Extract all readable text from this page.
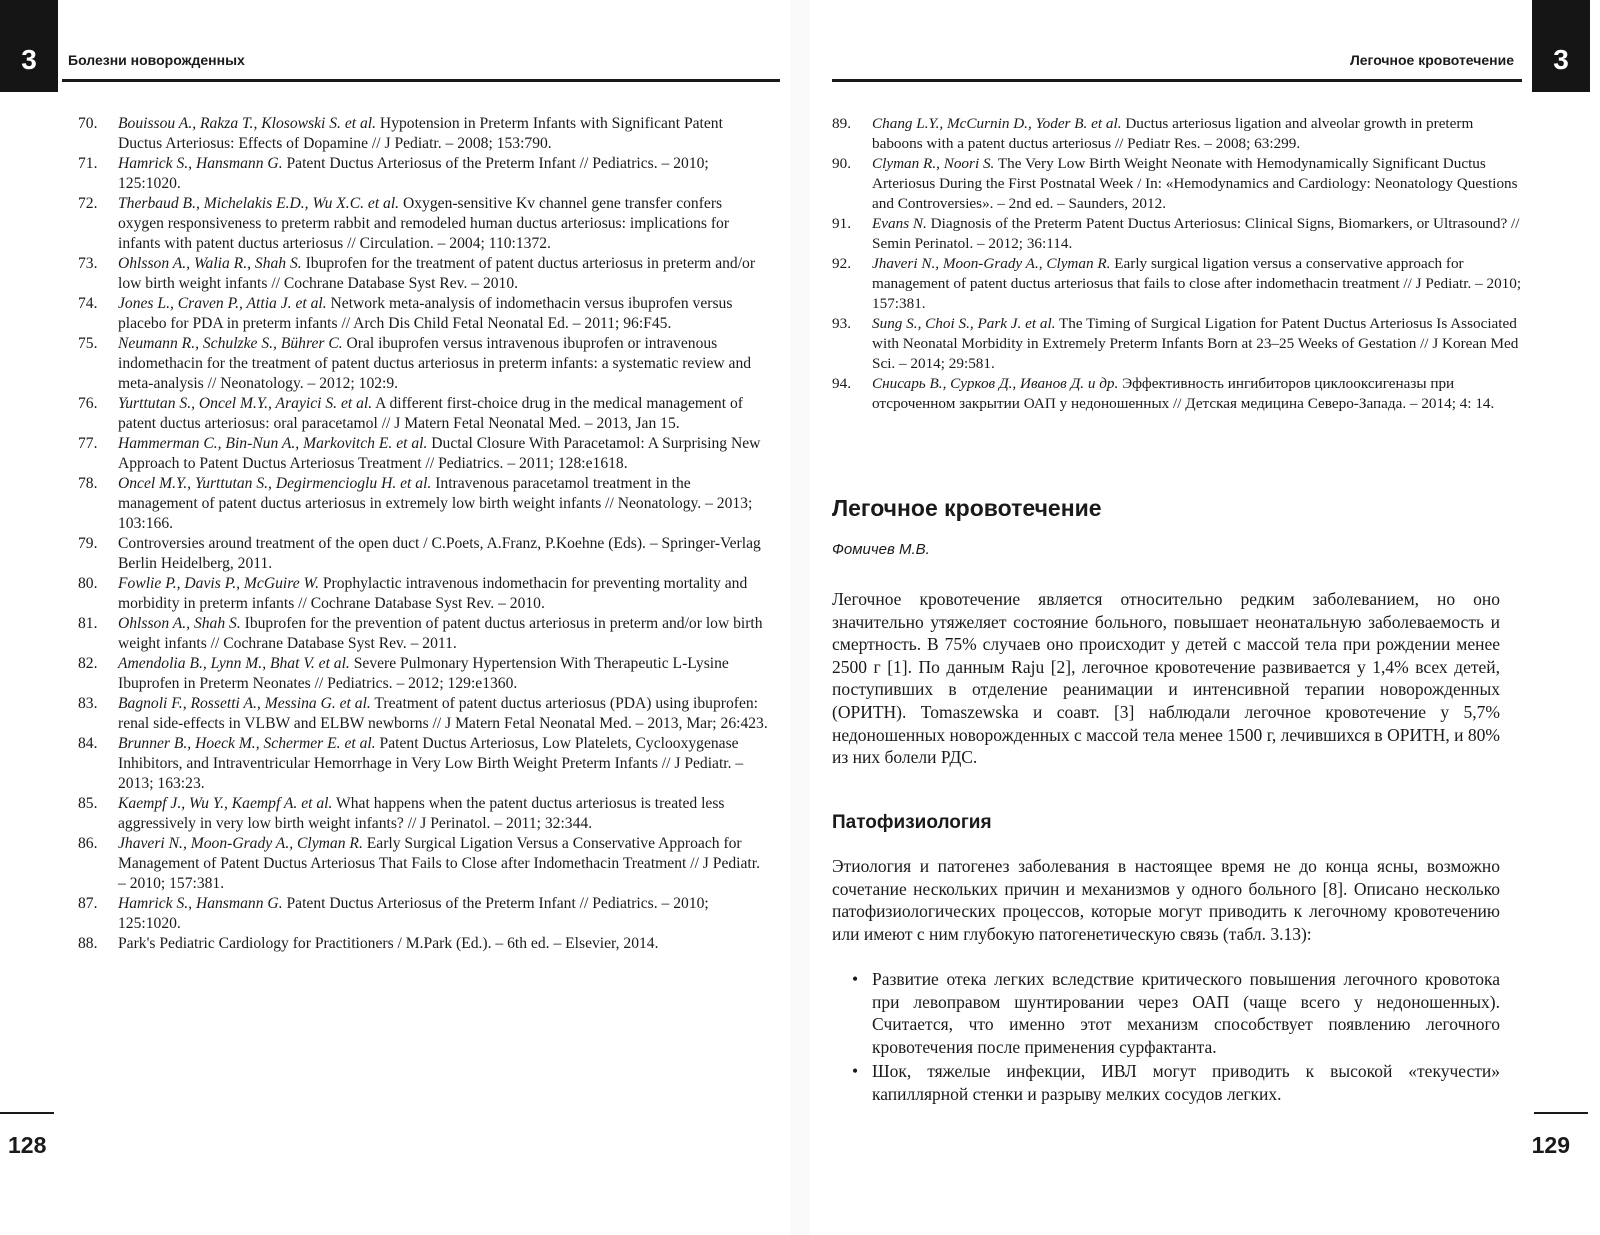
3	Болезни новорожденных
70. Bouissou A., Rakza T., Klosowski S. et al. Hypotension in Preterm Infants with Significant Patent Ductus Arteriosus: Effects of Dopamine // J Pediatr. – 2008; 153:790.
71. Hamrick S., Hansmann G. Patent Ductus Arteriosus of the Preterm Infant // Pediatrics. – 2010; 125:1020.
72. Therbaud B., Michelakis E.D., Wu X.C. et al. Oxygen-sensitive Kv channel gene transfer confers oxygen responsiveness to preterm rabbit and remodeled human ductus arteriosus: implications for infants with patent ductus arteriosus // Circulation. – 2004; 110:1372.
73. Ohlsson A., Walia R., Shah S. Ibuprofen for the treatment of patent ductus arteriosus in preterm and/or low birth weight infants // Cochrane Database Syst Rev. – 2010.
74. Jones L., Craven P., Attia J. et al. Network meta-analysis of indomethacin versus ibuprofen versus placebo for PDA in preterm infants // Arch Dis Child Fetal Neonatal Ed. – 2011; 96:F45.
75. Neumann R., Schulzke S., Bührer C. Oral ibuprofen versus intravenous ibuprofen or intravenous indomethacin for the treatment of patent ductus arteriosus in preterm infants: a systematic review and meta-analysis // Neonatology. – 2012; 102:9.
76. Yurttutan S., Oncel M.Y., Arayici S. et al. A different first-choice drug in the medical management of patent ductus arteriosus: oral paracetamol // J Matern Fetal Neonatal Med. – 2013, Jan 15.
77. Hammerman C., Bin-Nun A., Markovitch E. et al. Ductal Closure With Paracetamol: A Surprising New Approach to Patent Ductus Arteriosus Treatment // Pediatrics. – 2011; 128:e1618.
78. Oncel M.Y., Yurttutan S., Degirmencioglu H. et al. Intravenous paracetamol treatment in the management of patent ductus arteriosus in extremely low birth weight infants // Neonatology. – 2013; 103:166.
79. Controversies around treatment of the open duct / C.Poets, A.Franz, P.Koehne (Eds). – Springer-Verlag Berlin Heidelberg, 2011.
80. Fowlie P., Davis P., McGuire W. Prophylactic intravenous indomethacin for preventing mortality and morbidity in preterm infants // Cochrane Database Syst Rev. – 2010.
81. Ohlsson A., Shah S. Ibuprofen for the prevention of patent ductus arteriosus in preterm and/or low birth weight infants // Cochrane Database Syst Rev. – 2011.
82. Amendolia B., Lynn M., Bhat V. et al. Severe Pulmonary Hypertension With Therapeutic L-Lysine Ibuprofen in Preterm Neonates // Pediatrics. – 2012; 129:e1360.
83. Bagnoli F., Rossetti A., Messina G. et al. Treatment of patent ductus arteriosus (PDA) using ibuprofen: renal side-effects in VLBW and ELBW newborns // J Matern Fetal Neonatal Med. – 2013, Mar; 26:423.
84. Brunner B., Hoeck M., Schermer E. et al. Patent Ductus Arteriosus, Low Platelets, Cyclooxygenase Inhibitors, and Intraventricular Hemorrhage in Very Low Birth Weight Preterm Infants // J Pediatr. – 2013; 163:23.
85. Kaempf J., Wu Y., Kaempf A. et al. What happens when the patent ductus arteriosus is treated less aggressively in very low birth weight infants? // J Perinatol. – 2011; 32:344.
86. Jhaveri N., Moon-Grady A., Clyman R. Early Surgical Ligation Versus a Conservative Approach for Management of Patent Ductus Arteriosus That Fails to Close after Indomethacin Treatment // J Pediatr. – 2010; 157:381.
87. Hamrick S., Hansmann G. Patent Ductus Arteriosus of the Preterm Infant // Pediatrics. – 2010; 125:1020.
88. Park's Pediatric Cardiology for Practitioners / M.Park (Ed.). – 6th ed. – Elsevier, 2014.
128
Легочное кровотечение	3
89. Chang L.Y., McCurnin D., Yoder B. et al. Ductus arteriosus ligation and alveolar growth in preterm baboons with a patent ductus arteriosus // Pediatr Res. – 2008; 63:299.
90. Clyman R., Noori S. The Very Low Birth Weight Neonate with Hemodynamically Significant Ductus Arteriosus During the First Postnatal Week / In: «Hemodynamics and Cardiology: Neonatology Questions and Controversies». – 2nd ed. – Saunders, 2012.
91. Evans N. Diagnosis of the Preterm Patent Ductus Arteriosus: Clinical Signs, Biomarkers, or Ultrasound? // Semin Perinatol. – 2012; 36:114.
92. Jhaveri N., Moon-Grady A., Clyman R. Early surgical ligation versus a conservative approach for management of patent ductus arteriosus that fails to close after indomethacin treatment // J Pediatr. – 2010; 157:381.
93. Sung S., Choi S., Park J. et al. The Timing of Surgical Ligation for Patent Ductus Arteriosus Is Associated with Neonatal Morbidity in Extremely Preterm Infants Born at 23–25 Weeks of Gestation // J Korean Med Sci. – 2014; 29:581.
94. Снисарь В., Сурков Д., Иванов Д. и др. Эффективность ингибиторов циклооксигеназы при отсроченном закрытии ОАП у недоношенных // Детская медицина Северо-Запада. – 2014; 4: 14.
Легочное кровотечение
Фомичев М.В.

Легочное кровотечение является относительно редким заболеванием, но оно значительно утяжеляет состояние больного, повышает неонатальную заболеваемость и смертность. В 75% случаев оно происходит у детей с массой тела при рождении менее 2500 г [1]. По данным Raju [2], легочное кровотечение развивается у 1,4% всех детей, поступивших в отделение реанимации и интенсивной терапии новорожденных (ОРИТН). Tomaszewska и соавт. [3] наблюдали легочное кровотечение у 5,7% недоношенных новорожденных с массой тела менее 1500 г, лечившихся в ОРИТН, и 80% из них болели РДС.

Патофизиология

Этиология и патогенез заболевания в настоящее время не до конца ясны, возможно сочетание нескольких причин и механизмов у одного больного [8]. Описано несколько патофизиологических процессов, которые могут приводить к легочному кровотечению или имеют с ним глубокую патогенетическую связь (табл. 3.13):

• Развитие отека легких вследствие критического повышения легочного кровотока при левоправом шунтировании через ОАП (чаще всего у недоношенных). Считается, что именно этот механизм способствует появлению легочного кровотечения после применения сурфактанта.
• Шок, тяжелые инфекции, ИВЛ могут приводить к высокой «текучести» капиллярной стенки и разрыву мелких сосудов легких.
129
